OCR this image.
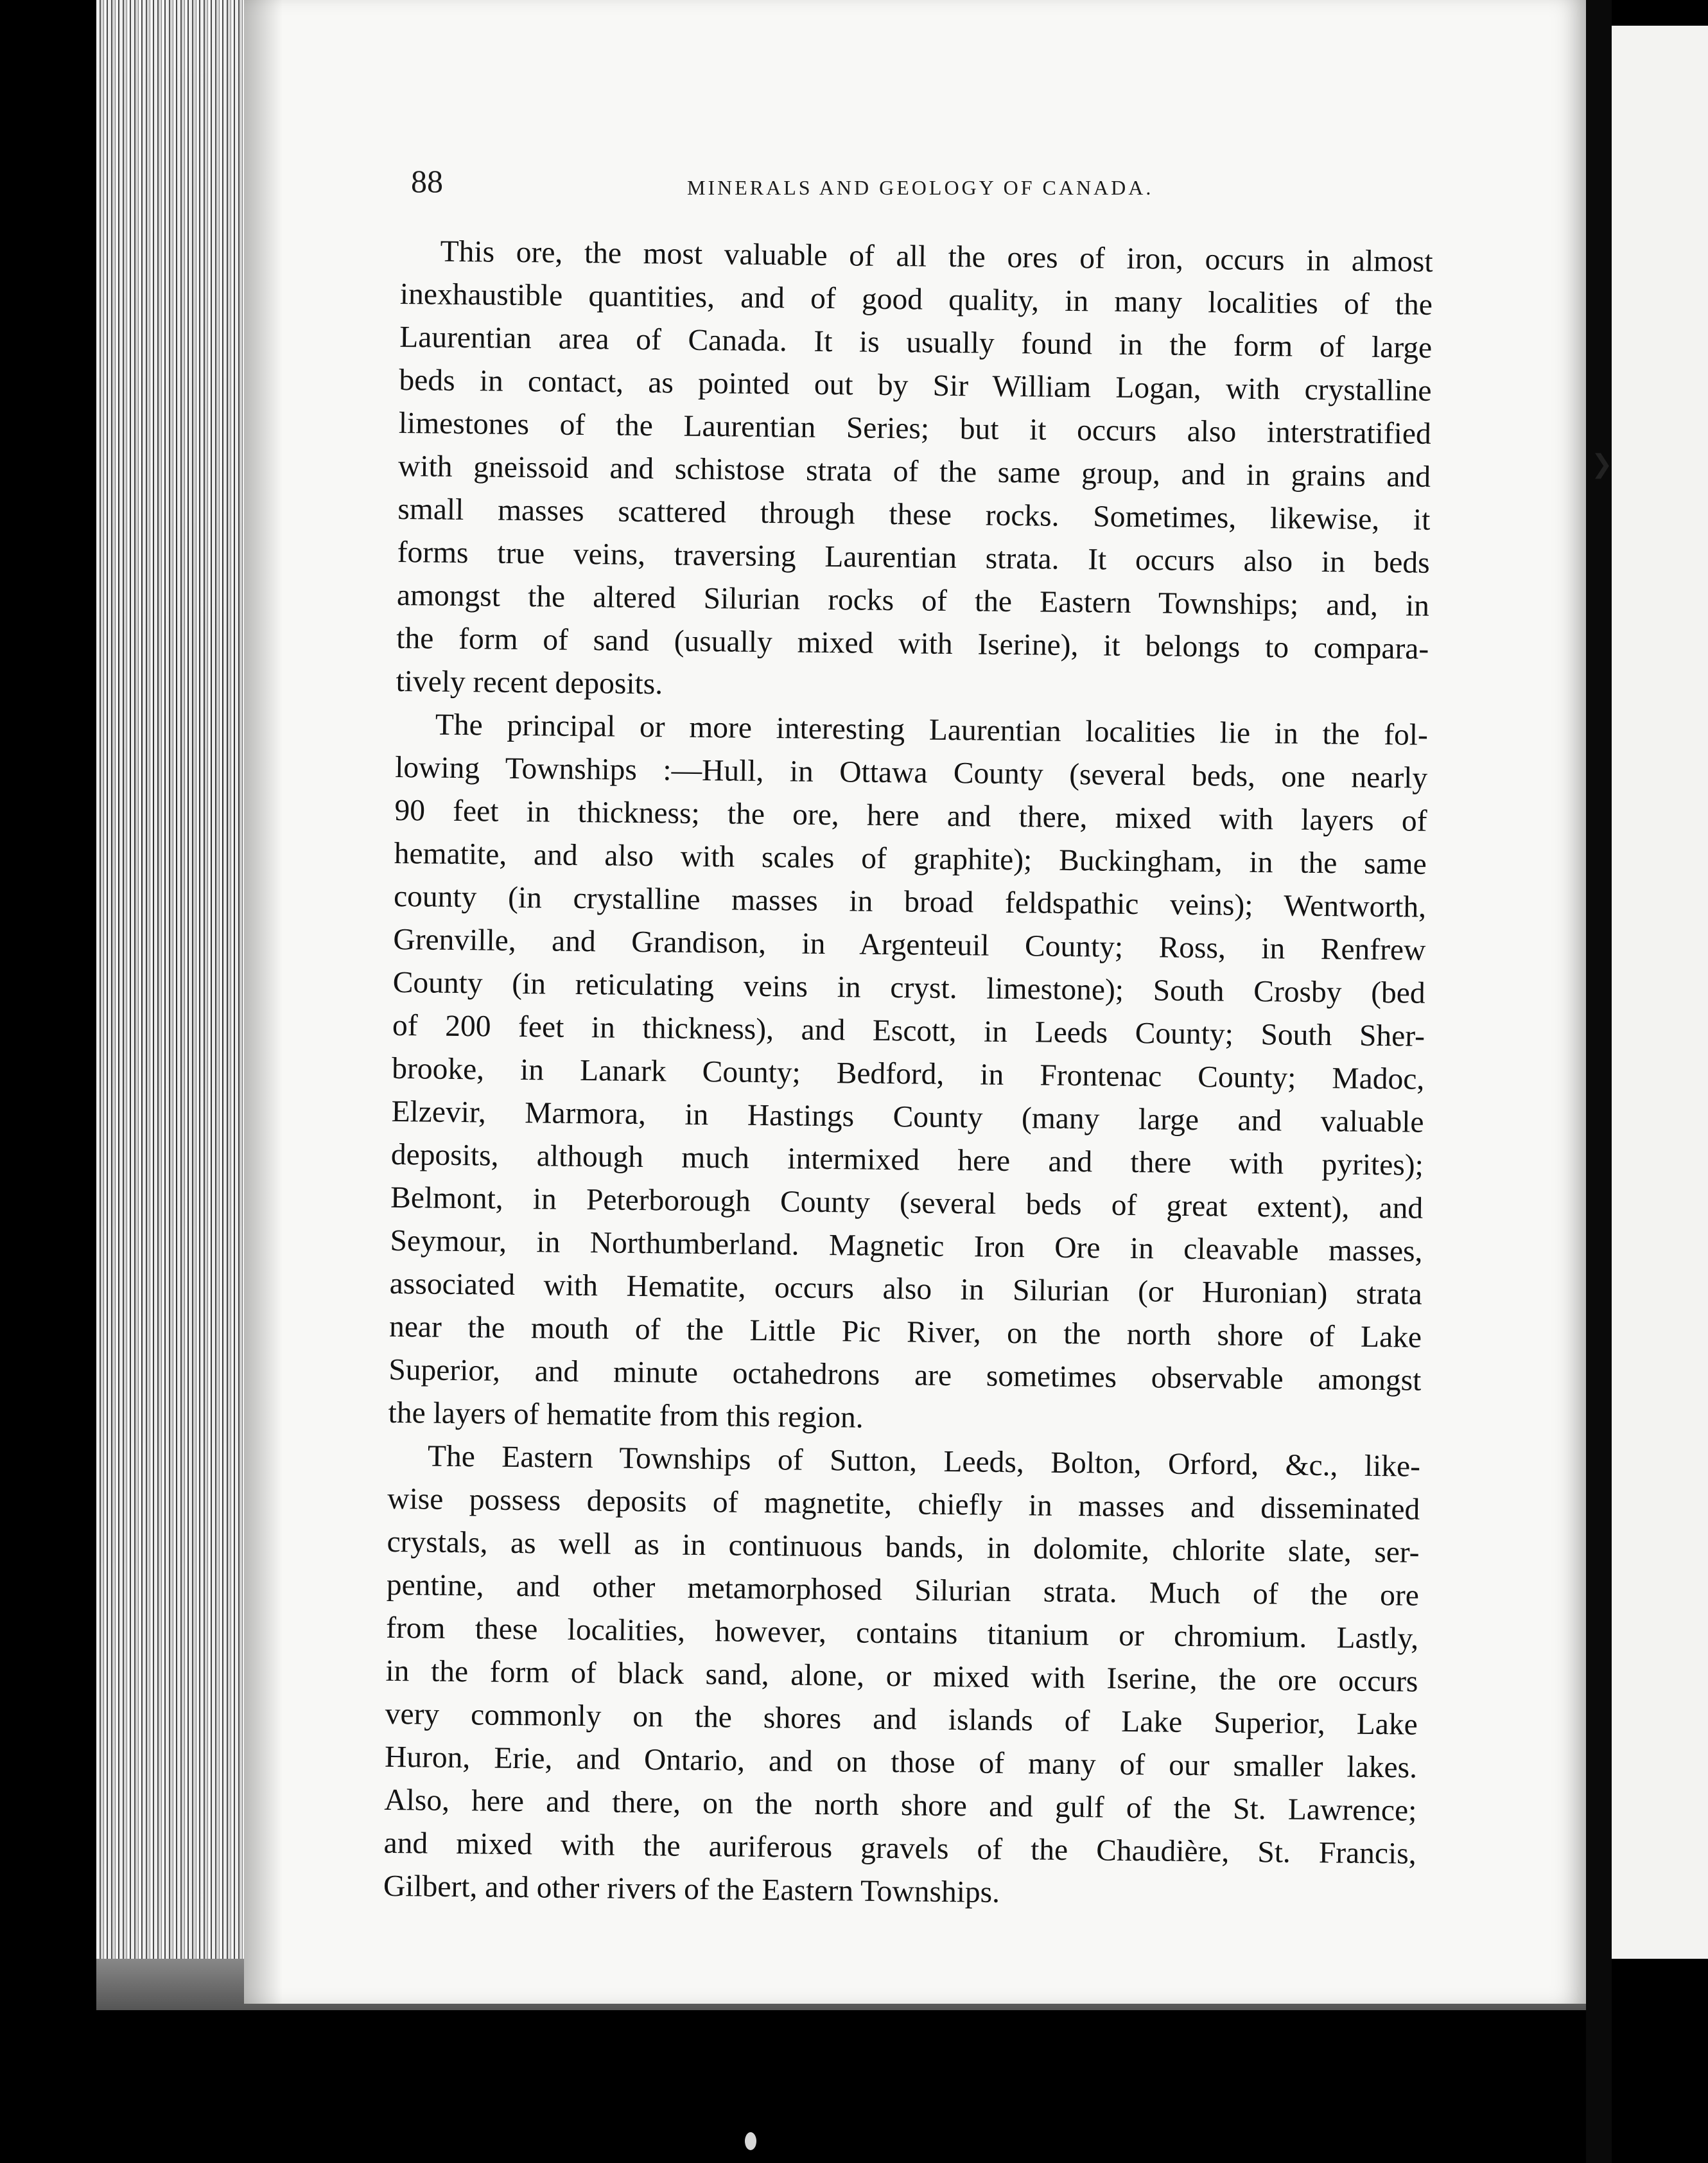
❯
88	MINERALS AND GEOLOGY OF CANADA.
This ore, the most valuable of all the ores of iron, occurs in almost
inexhaustible quantities, and of good quality, in many localities of the
Laurentian area of Canada. It is usually found in the form of large
beds in contact, as pointed out by Sir William Logan, with crystalline
limestones of the Laurentian Series; but it occurs also interstratified
with gneissoid and schistose strata of the same group, and in grains and
small masses scattered through these rocks. Sometimes, likewise, it
forms true veins, traversing Laurentian strata. It occurs also in beds
amongst the altered Silurian rocks of the Eastern Townships; and, in
the form of sand (usually mixed with Iserine), it belongs to compara-
tively recent deposits.
The principal or more interesting Laurentian localities lie in the fol-
lowing Townships :—Hull, in Ottawa County (several beds, one nearly
90 feet in thickness; the ore, here and there, mixed with layers of
hematite, and also with scales of graphite); Buckingham, in the same
county (in crystalline masses in broad feldspathic veins); Wentworth,
Grenville, and Grandison, in Argenteuil County; Ross, in Renfrew
County (in reticulating veins in cryst. limestone); South Crosby (bed
of 200 feet in thickness), and Escott, in Leeds County; South Sher-
brooke, in Lanark County; Bedford, in Frontenac County; Madoc,
Elzevir, Marmora, in Hastings County (many large and valuable
deposits, although much intermixed here and there with pyrites);
Belmont, in Peterborough County (several beds of great extent), and
Seymour, in Northumberland. Magnetic Iron Ore in cleavable masses,
associated with Hematite, occurs also in Silurian (or Huronian) strata
near the mouth of the Little Pic River, on the north shore of Lake
Superior, and minute octahedrons are sometimes observable amongst
the layers of hematite from this region.
The Eastern Townships of Sutton, Leeds, Bolton, Orford, &c., like-
wise possess deposits of magnetite, chiefly in masses and disseminated
crystals, as well as in continuous bands, in dolomite, chlorite slate, ser-
pentine, and other metamorphosed Silurian strata. Much of the ore
from these localities, however, contains titanium or chromium. Lastly,
in the form of black sand, alone, or mixed with Iserine, the ore occurs
very commonly on the shores and islands of Lake Superior, Lake
Huron, Erie, and Ontario, and on those of many of our smaller lakes.
Also, here and there, on the north shore and gulf of the St. Lawrence;
and mixed with the auriferous gravels of the Chaudière, St. Francis,
Gilbert, and other rivers of the Eastern Townships.
